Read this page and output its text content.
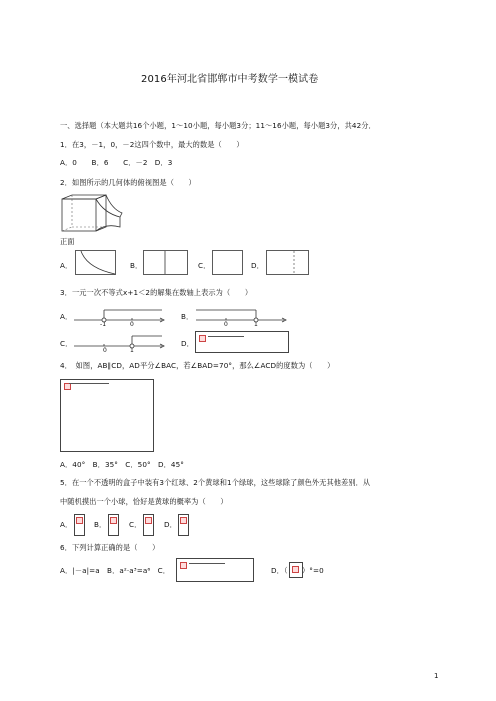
2016年河北省邯郸市中考数学一模试卷
一、选择题（本大题共16个小题，1～10小题，每小题3分；11～16小题，每小题3分，共42分．
1．在3，－1，0，－2这四个数中，最大的数是（　　）
A．0　　B．6　　C．－2　D．3
2．如图所示的几何体的俯视图是（　　）
正面
A．	B．	C．	D．
3．一元一次不等式x+1＜2的解集在数轴上表示为（　　）
A．
-1	0
B．
0	1
C．
0	1
D．
4．　如图，AB∥CD，AD平分∠BAC，若∠BAD=70°，那么∠ACD的度数为（　　）
A．40°　B．35°　C．50°　D．45°
5．在一个不透明的盒子中装有3个红球、2个黄球和1个绿球，这些球除了颜色外无其他差别．从
中随机摸出一个小球，恰好是黄球的概率为（　　）
A．	B．	C．	D．
6．下列计算正确的是（　　）
A．|－a|=a　B．a²·a³=a⁶　C．	D．（ ）°=0
1
